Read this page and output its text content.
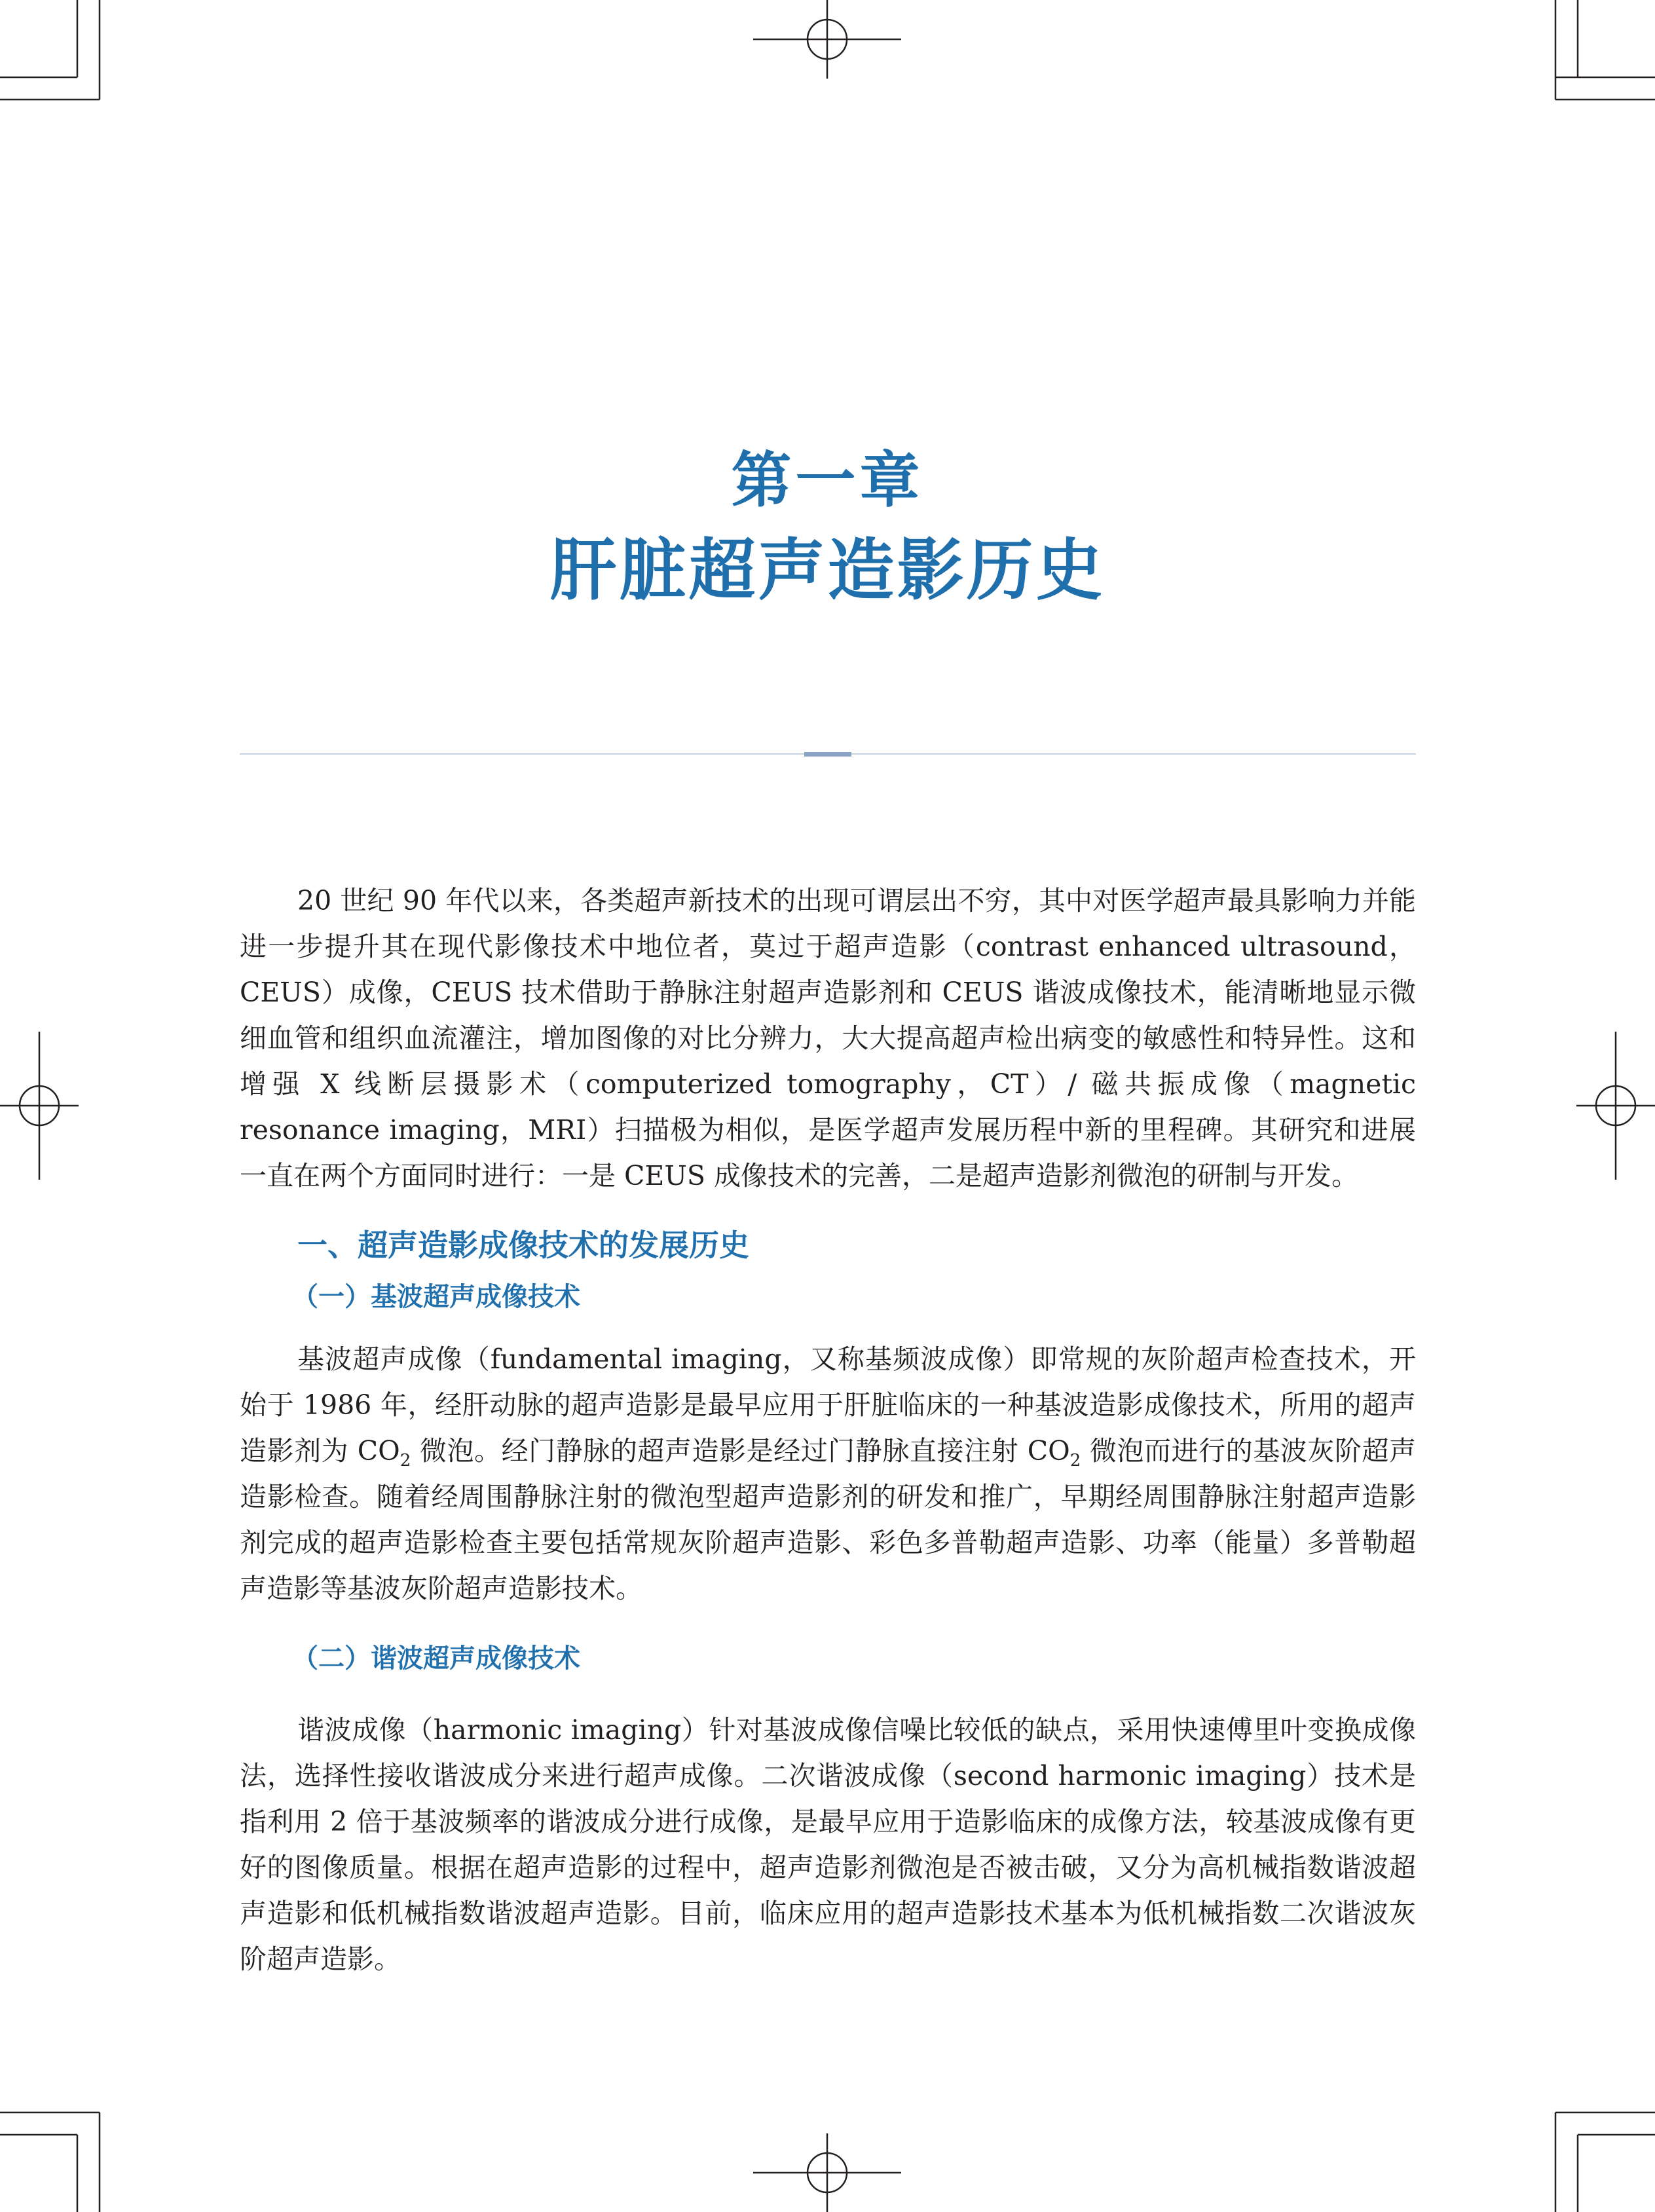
第一章
肝脏超声造影历史

20 世纪 90 年代以来，各类超声新技术的出现可谓层出不穷，其中对医学超声最具影响力并能进一步提升其在现代影像技术中地位者，莫过于超声造影（contrast enhanced ultrasound，CEUS）成像，CEUS 技术借助于静脉注射超声造影剂和 CEUS 谐波成像技术，能清晰地显示微细血管和组织血流灌注，增加图像的对比分辨力，大大提高超声检出病变的敏感性和特异性。这和增强 X 线断层摄影术（computerized tomography，CT）/ 磁共振成像（magnetic resonance imaging，MRI）扫描极为相似，是医学超声发展历程中新的里程碑。其研究和进展一直在两个方面同时进行：一是 CEUS 成像技术的完善，二是超声造影剂微泡的研制与开发。

一、超声造影成像技术的发展历史
（一）基波超声成像技术

基波超声成像（fundamental imaging，又称基频波成像）即常规的灰阶超声检查技术，开始于 1986 年，经肝动脉的超声造影是最早应用于肝脏临床的一种基波造影成像技术，所用的超声造影剂为 $CO_2$ 微泡。经门静脉的超声造影是经过门静脉直接注射 $CO_2$ 微泡而进行的基波灰阶超声造影检查。随着经周围静脉注射的微泡型超声造影剂的研发和推广，早期经周围静脉注射超声造影剂完成的超声造影检查主要包括常规灰阶超声造影、彩色多普勒超声造影、功率（能量）多普勒超声造影等基波灰阶超声造影技术。

（二）谐波超声成像技术

谐波成像（harmonic imaging）针对基波成像信噪比较低的缺点，采用快速傅里叶变换成像法，选择性接收谐波成分来进行超声成像。二次谐波成像（second harmonic imaging）技术是指利用 2 倍于基波频率的谐波成分进行成像，是最早应用于造影临床的成像方法，较基波成像有更好的图像质量。根据在超声造影的过程中，超声造影剂微泡是否被击破，又分为高机械指数谐波超声造影和低机械指数谐波超声造影。目前，临床应用的超声造影技术基本为低机械指数二次谐波灰阶超声造影。
